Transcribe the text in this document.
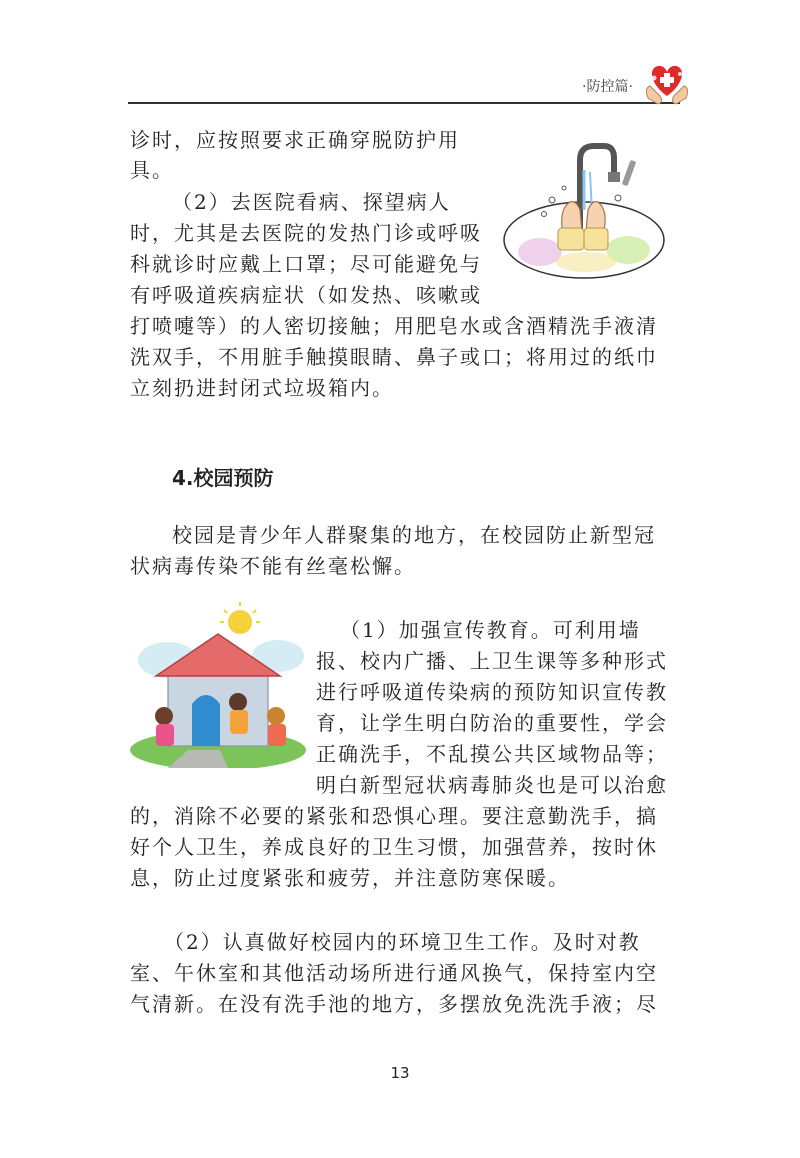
·防控篇·
诊时，应按照要求正确穿脱防护用
具。
（2）去医院看病、探望病人
时，尤其是去医院的发热门诊或呼吸
科就诊时应戴上口罩；尽可能避免与
有呼吸道疾病症状（如发热、咳嗽或
打喷嚏等）的人密切接触；用肥皂水或含酒精洗手液清
洗双手，不用脏手触摸眼睛、鼻子或口；将用过的纸巾
立刻扔进封闭式垃圾箱内。
4.校园预防
校园是青少年人群聚集的地方，在校园防止新型冠
状病毒传染不能有丝毫松懈。
（1）加强宣传教育。可利用墙
报、校内广播、上卫生课等多种形式
进行呼吸道传染病的预防知识宣传教
育，让学生明白防治的重要性，学会
正确洗手，不乱摸公共区域物品等；
明白新型冠状病毒肺炎也是可以治愈
的，消除不必要的紧张和恐惧心理。要注意勤洗手，搞
好个人卫生，养成良好的卫生习惯，加强营养，按时休
息，防止过度紧张和疲劳，并注意防寒保暖。
（2）认真做好校园内的环境卫生工作。及时对教
室、午休室和其他活动场所进行通风换气，保持室内空
气清新。在没有洗手池的地方，多摆放免洗洗手液；尽
13
